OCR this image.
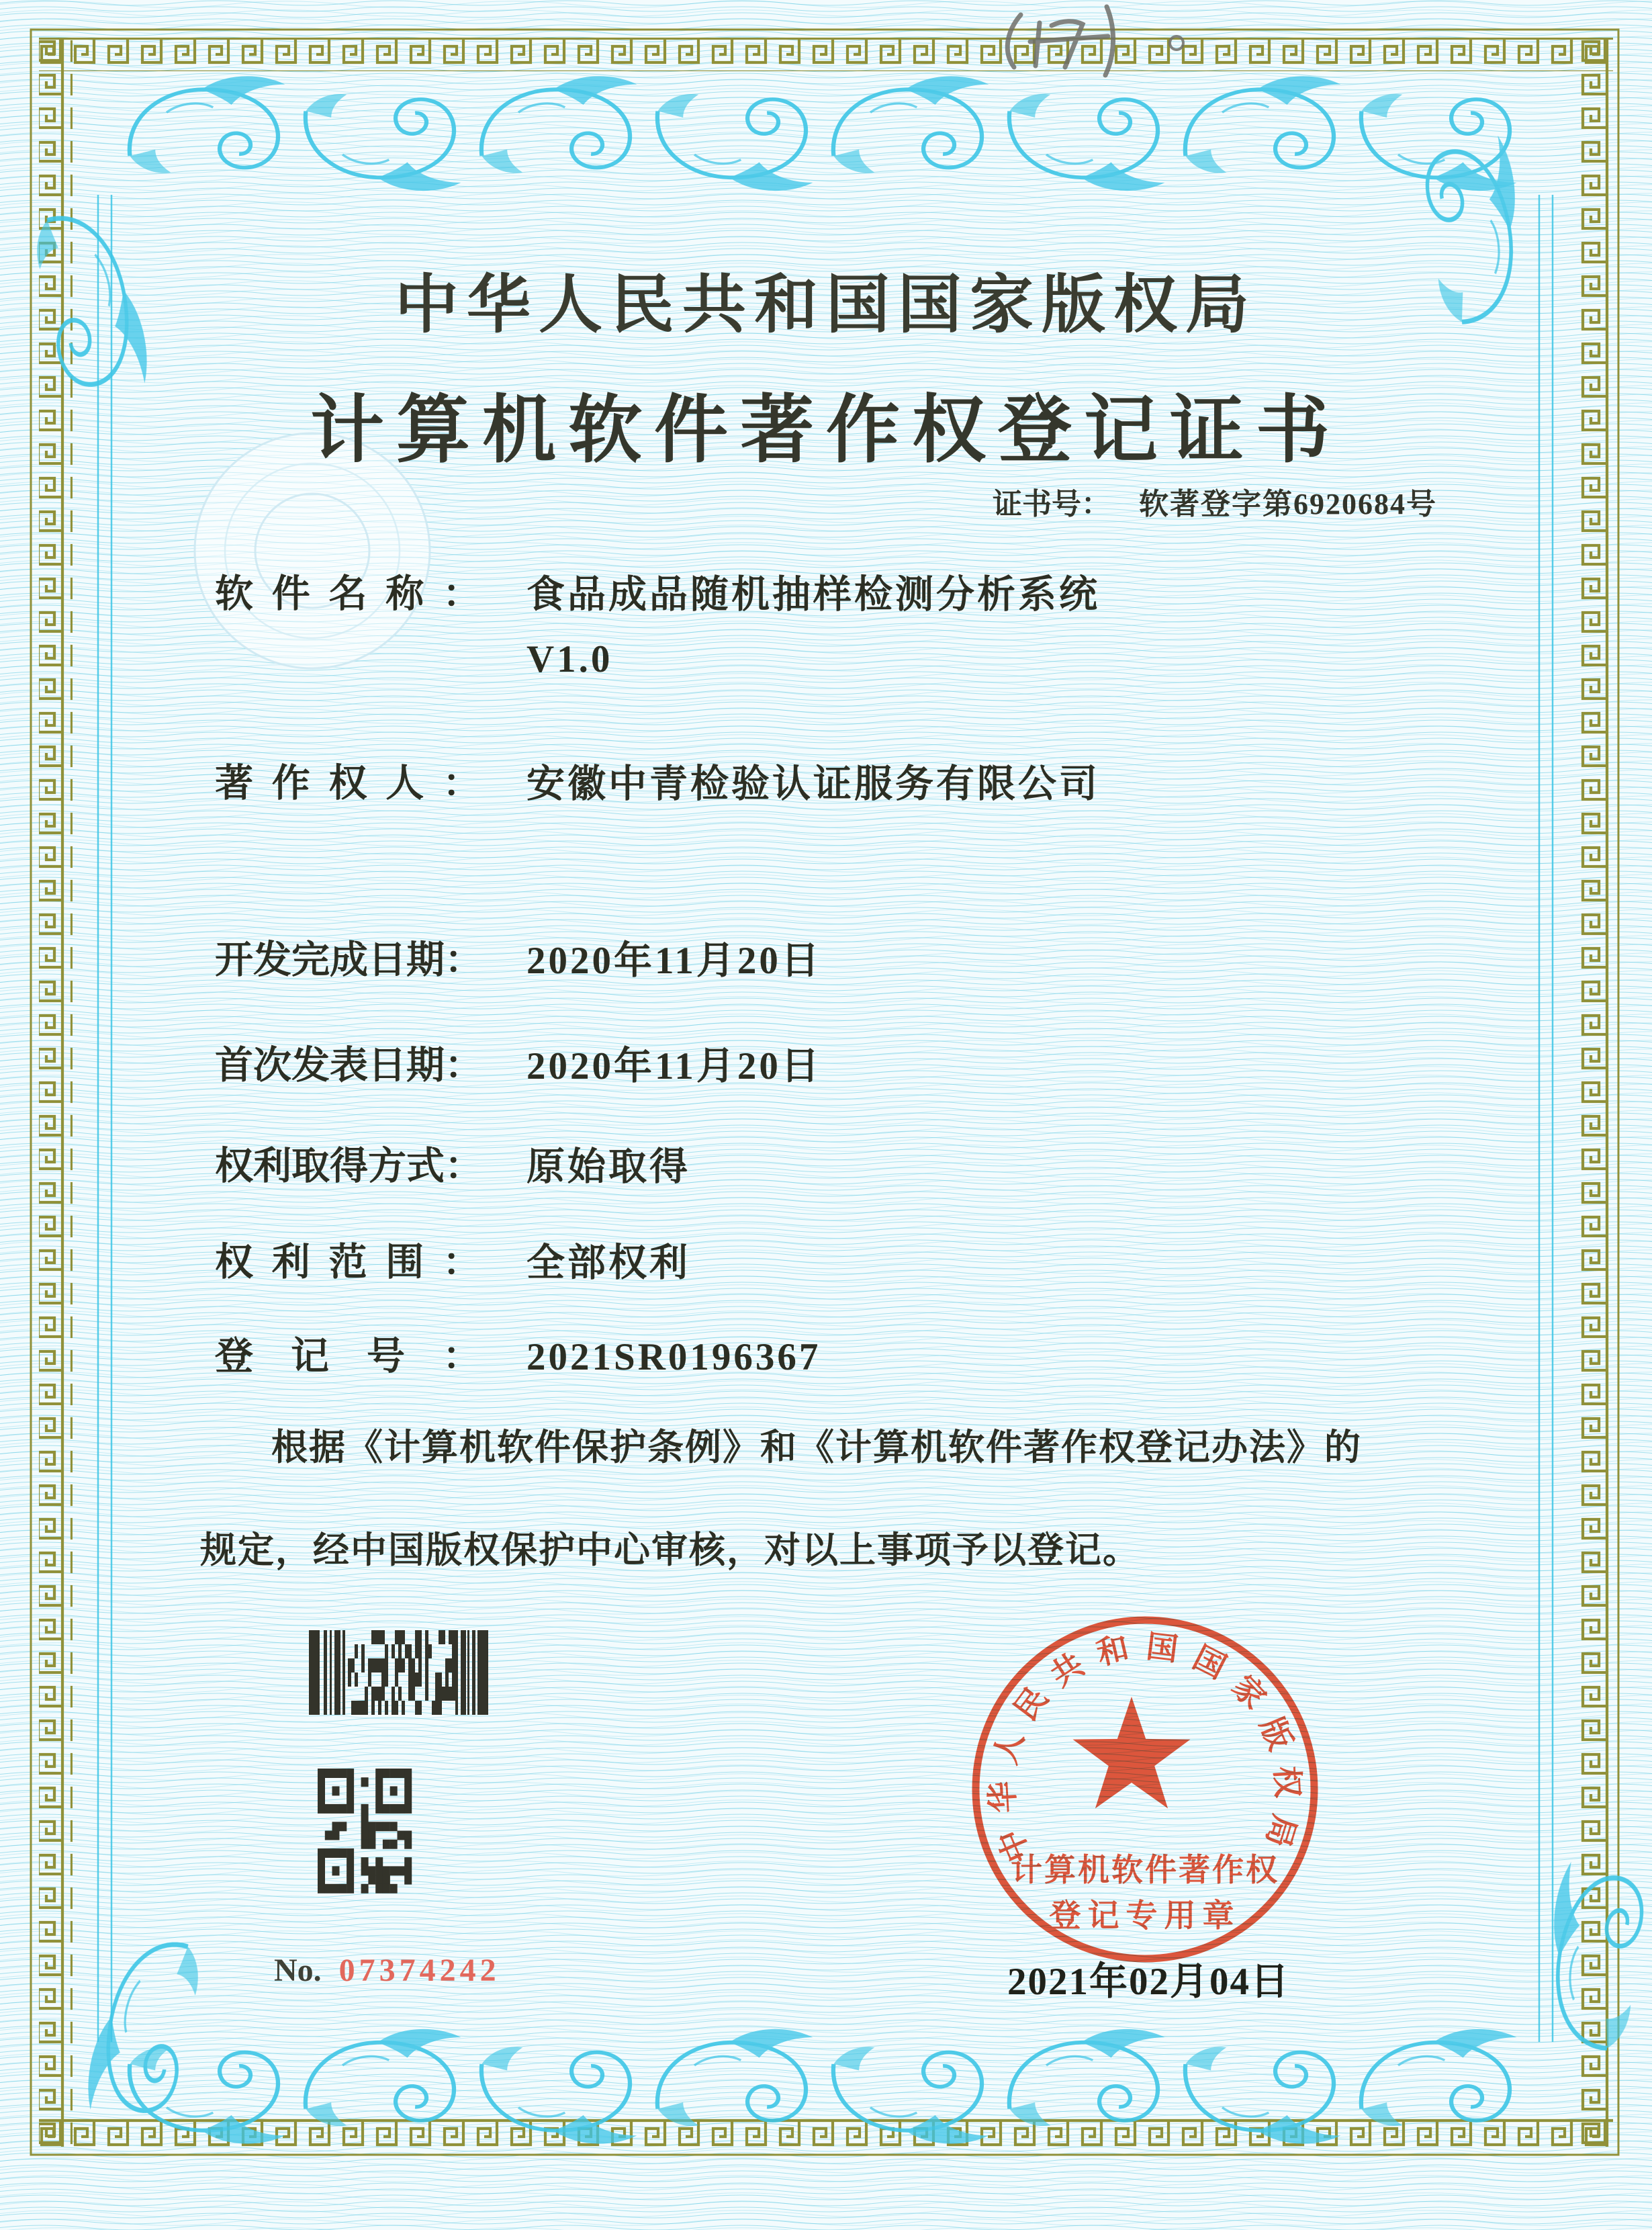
中华人民共和国国家版权局
计算机软件著作权登记证书
证书号： 软著登字第6920684号
软 件 名 称 ： 食品成品随机抽样检测分析系统
V1.0
著 作 权 人 ： 安徽中青检验认证服务有限公司
开 发 完 成 日 期 ： 2020年11月20日
首 次 发 表 日 期 ： 2020年11月20日
权 利 取 得 方 式 ： 原始取得
权 利 范 围 ： 全部权利
登 记 号 ： 2021SR0196367
根据《计算机软件保护条例》和《计算机软件著作权登记办法》的
规定，经中国版权保护中心审核，对以上事项予以登记。
中华人民共和国国家版权局
计算机软件著作权
登记专用章
No. 07374242	2021年02月04日
